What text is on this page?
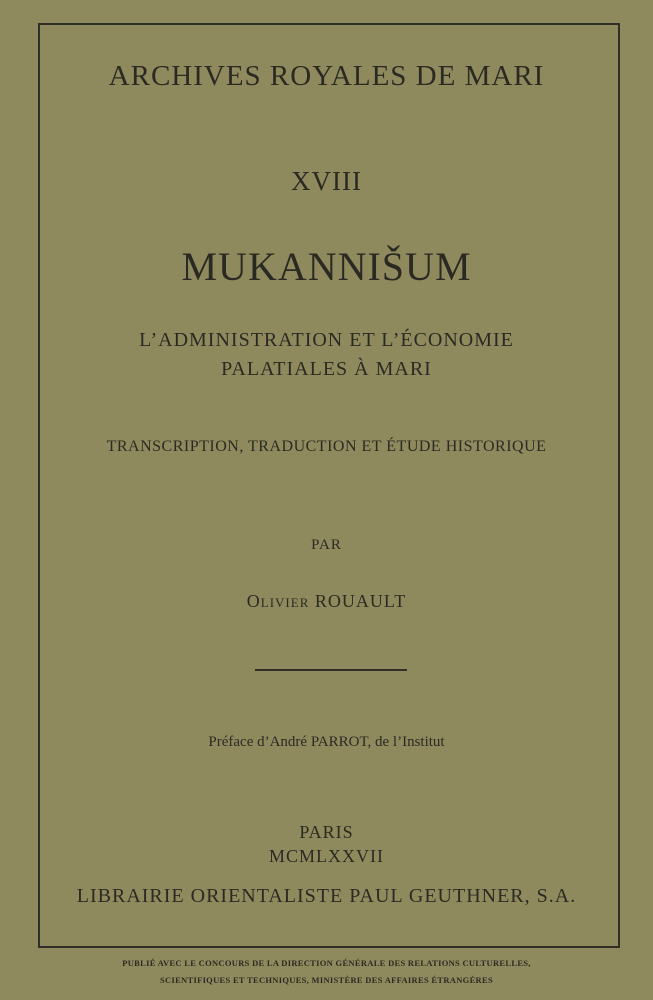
ARCHIVES ROYALES DE MARI
XVIII
MUKANNIŠUM
L’ADMINISTRATION ET L’ÉCONOMIE
PALATIALES À MARI
TRANSCRIPTION, TRADUCTION ET ÉTUDE HISTORIQUE
PAR
Olivier ROUAULT
Préface d’André PARROT, de l’Institut
PARIS
MCMLXXVII
LIBRAIRIE ORIENTALISTE PAUL GEUTHNER, S.A.
PUBLIÉ AVEC LE CONCOURS DE LA DIRECTION GÉNÉRALE DES RELATIONS CULTURELLES,
SCIENTIFIQUES ET TECHNIQUES, MINISTÈRE DES AFFAIRES ÉTRANGÈRES
